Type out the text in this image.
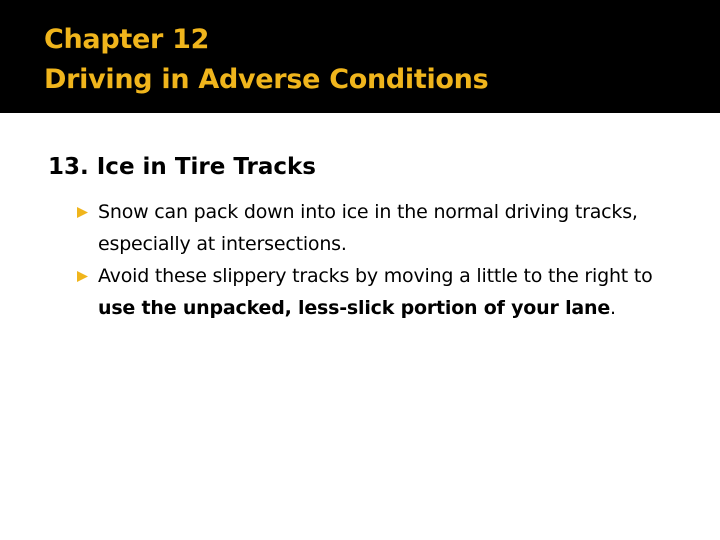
Chapter 12
Driving in Adverse Conditions
13. Ice in Tire Tracks
Snow can pack down into ice in the normal driving tracks, especially at intersections.
Avoid these slippery tracks by moving a little to the right to use the unpacked, less-slick portion of your lane.
